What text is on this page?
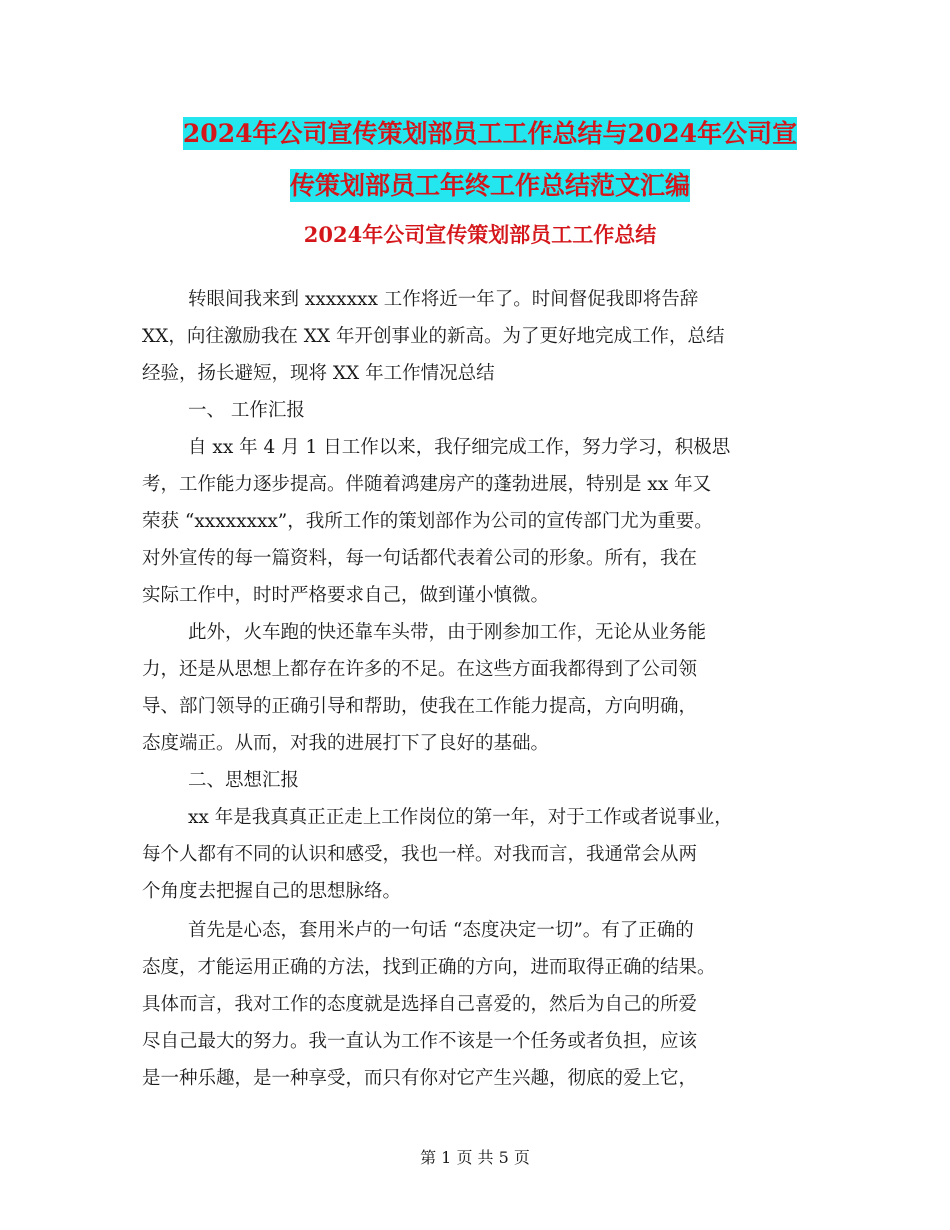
2024年公司宣传策划部员工工作总结与2024年公司宣
传策划部员工年终工作总结范文汇编
2024年公司宣传策划部员工工作总结
转眼间我来到 xxxxxxx 工作将近一年了。时间督促我即将告辞
XX，向往激励我在 XX 年开创事业的新高。为了更好地完成工作，总结
经验，扬长避短，现将 XX 年工作情况总结
一、 工作汇报
自 xx 年 4 月 1 日工作以来，我仔细完成工作，努力学习，积极思
考，工作能力逐步提高。伴随着鸿建房产的蓬勃进展，特别是 xx 年又
荣获 “xxxxxxxx”，我所工作的策划部作为公司的宣传部门尤为重要。
对外宣传的每一篇资料，每一句话都代表着公司的形象。所有，我在
实际工作中，时时严格要求自己，做到谨小慎微。
此外，火车跑的快还靠车头带，由于刚参加工作，无论从业务能
力，还是从思想上都存在许多的不足。在这些方面我都得到了公司领
导、部门领导的正确引导和帮助，使我在工作能力提高，方向明确，
态度端正。从而，对我的进展打下了良好的基础。
二、思想汇报
xx 年是我真真正正走上工作岗位的第一年，对于工作或者说事业，
每个人都有不同的认识和感受，我也一样。对我而言，我通常会从两
个角度去把握自己的思想脉络。
首先是心态，套用米卢的一句话 “态度决定一切”。有了正确的
态度，才能运用正确的方法，找到正确的方向，进而取得正确的结果。
具体而言，我对工作的态度就是选择自己喜爱的，然后为自己的所爱
尽自己最大的努力。我一直认为工作不该是一个任务或者负担，应该
是一种乐趣，是一种享受，而只有你对它产生兴趣，彻底的爱上它，
第 1 页 共 5 页
